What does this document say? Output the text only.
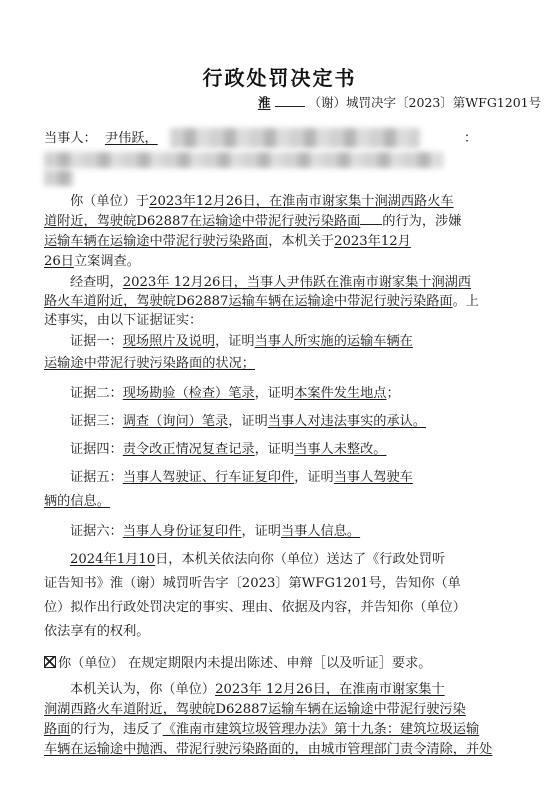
行政处罚决定书
淮	（谢）城罚决字〔2023〕第WFG1201号
当事人： 尹伟跃，	：
你（单位）于2023年12月26日，在淮南市谢家集十涧湖西路火车
道附近，驾驶皖D62887在运输途中带泥行驶污染路面 的行为，涉嫌
运输车辆在运输途中带泥行驶污染路面，本机关于2023年12月
26日立案调查。
经查明，2023年 12月26日，当事人尹伟跃在淮南市谢家集十涧湖西
路火车道附近，驾驶皖D62887运输车辆在运输途中带泥行驶污染路面。上
述事实，由以下证据证实：
证据一：现场照片及说明，证明当事人所实施的运输车辆在
运输途中带泥行驶污染路面的状况；
证据二：现场勘验（检查）笔录，证明本案件发生地点；
证据三：调查（询问）笔录，证明当事人对违法事实的承认。
证据四：责令改正情况复查记录，证明当事人未整改。
证据五：当事人驾驶证、行车证复印件，证明当事人驾驶车
辆的信息。
证据六：当事人身份证复印件，证明当事人信息。
2024年1月10日，本机关依法向你（单位）送达了《行政处罚听
证告知书》淮（谢）城罚听告字〔2023〕第WFG1201号，告知你（单
位）拟作出行政处罚决定的事实、理由、依据及内容，并告知你（单位）
依法享有的权利。
你（单位） 在规定期限内未提出陈述、申辩［以及听证］要求。
本机关认为，你（单位）2023年 12月26日，在淮南市谢家集十
涧湖西路火车道附近，驾驶皖D62887运输车辆在运输途中带泥行驶污染
路面的行为，违反了《淮南市建筑垃圾管理办法》第十九条：建筑垃圾运输
车辆在运输途中抛洒、带泥行驶污染路面的，由城市管理部门责令清除，并处
